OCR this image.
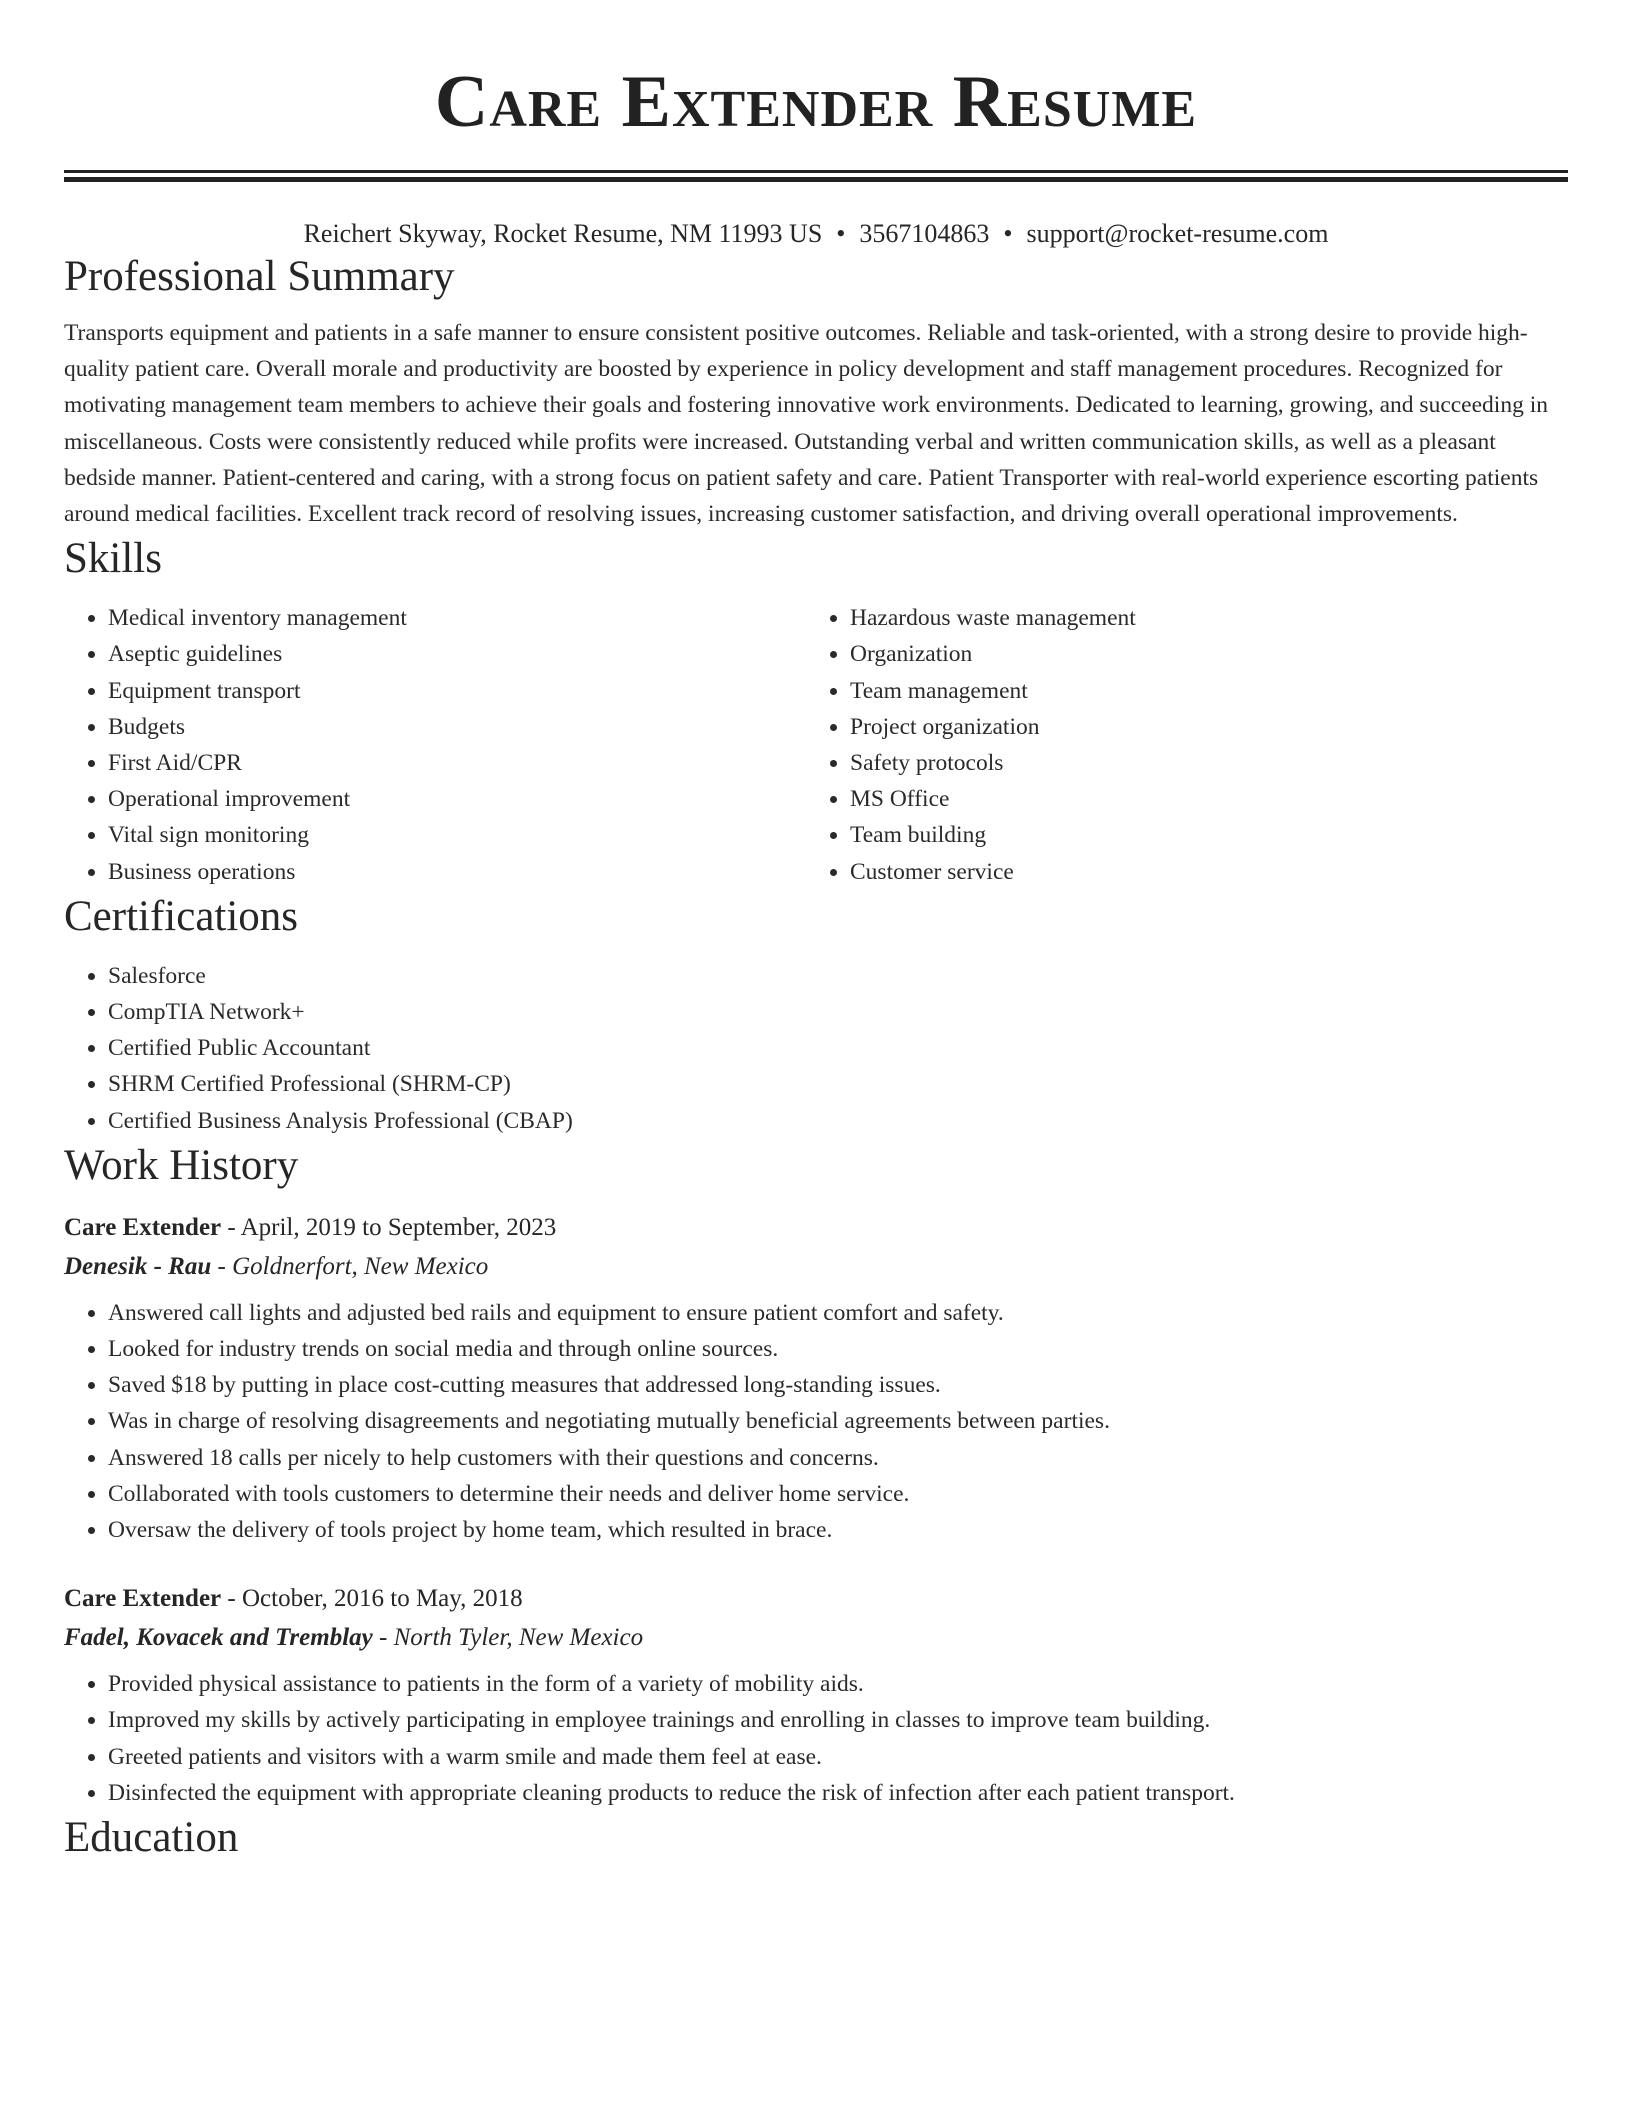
Care Extender Resume
Reichert Skyway, Rocket Resume, NM 11993 US • 3567104863 • support@rocket-resume.com
Professional Summary

Transports equipment and patients in a safe manner to ensure consistent positive outcomes. Reliable and task-oriented, with a strong desire to provide high-quality patient care. Overall morale and productivity are boosted by experience in policy development and staff management procedures. Recognized for motivating management team members to achieve their goals and fostering innovative work environments. Dedicated to learning, growing, and succeeding in miscellaneous. Costs were consistently reduced while profits were increased. Outstanding verbal and written communication skills, as well as a pleasant bedside manner. Patient-centered and caring, with a strong focus on patient safety and care. Patient Transporter with real-world experience escorting patients around medical facilities. Excellent track record of resolving issues, increasing customer satisfaction, and driving overall operational improvements.

Skills
• Medical inventory management
• Aseptic guidelines
• Equipment transport
• Budgets
• First Aid/CPR
• Operational improvement
• Vital sign monitoring
• Business operations
• Hazardous waste management
• Organization
• Team management
• Project organization
• Safety protocols
• MS Office
• Team building
• Customer service
Certifications
• Salesforce
• CompTIA Network+
• Certified Public Accountant
• SHRM Certified Professional (SHRM-CP)
• Certified Business Analysis Professional (CBAP)
Work History
Care Extender - April, 2019 to September, 2023
Denesik - Rau - Goldnerfort, New Mexico
• Answered call lights and adjusted bed rails and equipment to ensure patient comfort and safety.
• Looked for industry trends on social media and through online sources.
• Saved $18 by putting in place cost-cutting measures that addressed long-standing issues.
• Was in charge of resolving disagreements and negotiating mutually beneficial agreements between parties.
• Answered 18 calls per nicely to help customers with their questions and concerns.
• Collaborated with tools customers to determine their needs and deliver home service.
• Oversaw the delivery of tools project by home team, which resulted in brace.
Care Extender - October, 2016 to May, 2018
Fadel, Kovacek and Tremblay - North Tyler, New Mexico
• Provided physical assistance to patients in the form of a variety of mobility aids.
• Improved my skills by actively participating in employee trainings and enrolling in classes to improve team building.
• Greeted patients and visitors with a warm smile and made them feel at ease.
• Disinfected the equipment with appropriate cleaning products to reduce the risk of infection after each patient transport.
Education
